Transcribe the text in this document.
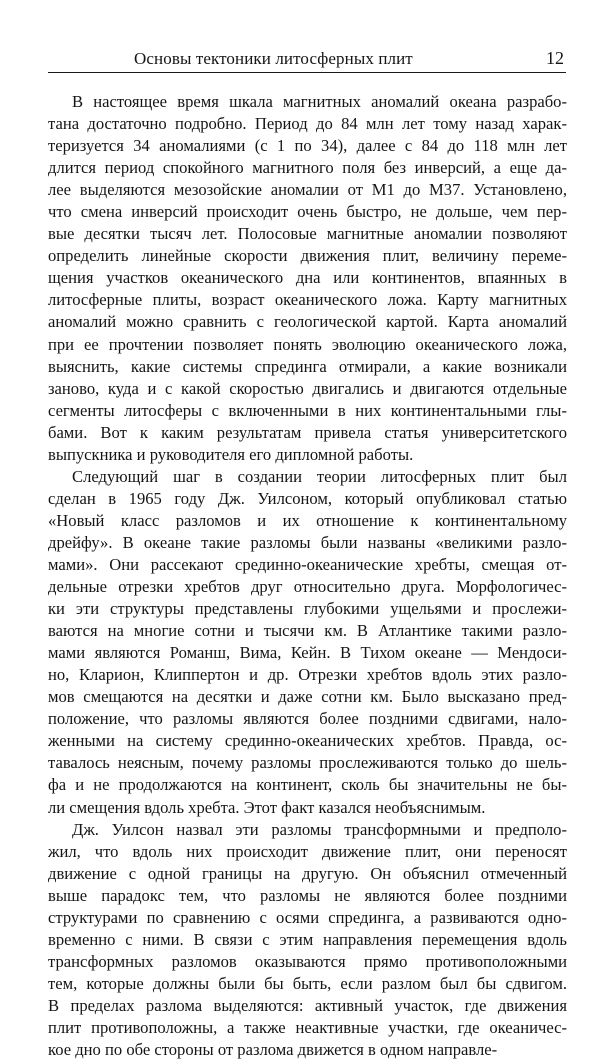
Основы тектоники литосферных плит	12
В настоящее время шкала магнитных аномалий океана разрабо-
тана достаточно подробно. Период до 84 млн лет тому назад харак-
теризуется 34 аномалиями (с 1 по 34), далее с 84 до 118 млн лет
длится период спокойного магнитного поля без инверсий, а еще да-
лее выделяются мезозойские аномалии от M1 до M37. Установлено,
что смена инверсий происходит очень быстро, не дольше, чем пер-
вые десятки тысяч лет. Полосовые магнитные аномалии позволяют
определить линейные скорости движения плит, величину переме-
щения участков океанического дна или континентов, впаянных в
литосферные плиты, возраст океанического ложа. Карту магнитных
аномалий можно сравнить с геологической картой. Карта аномалий
при ее прочтении позволяет понять эволюцию океанического ложа,
выяснить, какие системы спрединга отмирали, а какие возникали
заново, куда и с какой скоростью двигались и двигаются отдельные
сегменты литосферы с включенными в них континентальными глы-
бами. Вот к каким результатам привела статья университетского
выпускника и руководителя его дипломной работы.
Следующий шаг в создании теории литосферных плит был
сделан в 1965 году Дж. Уилсоном, который опубликовал статью
«Новый класс разломов и их отношение к континентальному
дрейфу». В океане такие разломы были названы «великими разло-
мами». Они рассекают срединно-океанические хребты, смещая от-
дельные отрезки хребтов друг относительно друга. Морфологичес-
ки эти структуры представлены глубокими ущельями и прослежи-
ваются на многие сотни и тысячи км. В Атлантике такими разло-
мами являются Романш, Вима, Кейн. В Тихом океане — Мендоси-
но, Кларион, Клиппертон и др. Отрезки хребтов вдоль этих разло-
мов смещаются на десятки и даже сотни км. Было высказано пред-
положение, что разломы являются более поздними сдвигами, нало-
женными на систему срединно-океанических хребтов. Правда, ос-
тавалось неясным, почему разломы прослеживаются только до шель-
фа и не продолжаются на континент, сколь бы значительны не бы-
ли смещения вдоль хребта. Этот факт казался необъяснимым.
Дж. Уилсон назвал эти разломы трансформными и предполо-
жил, что вдоль них происходит движение плит, они переносят
движение с одной границы на другую. Он объяснил отмеченный
выше парадокс тем, что разломы не являются более поздними
структурами по сравнению с осями спрединга, а развиваются одно-
временно с ними. В связи с этим направления перемещения вдоль
трансформных разломов оказываются прямо противоположными
тем, которые должны были бы быть, если разлом был бы сдвигом.
В пределах разлома выделяются: активный участок, где движения
плит противоположны, а также неактивные участки, где океаничес-
кое дно по обе стороны от разлома движется в одном направле-
